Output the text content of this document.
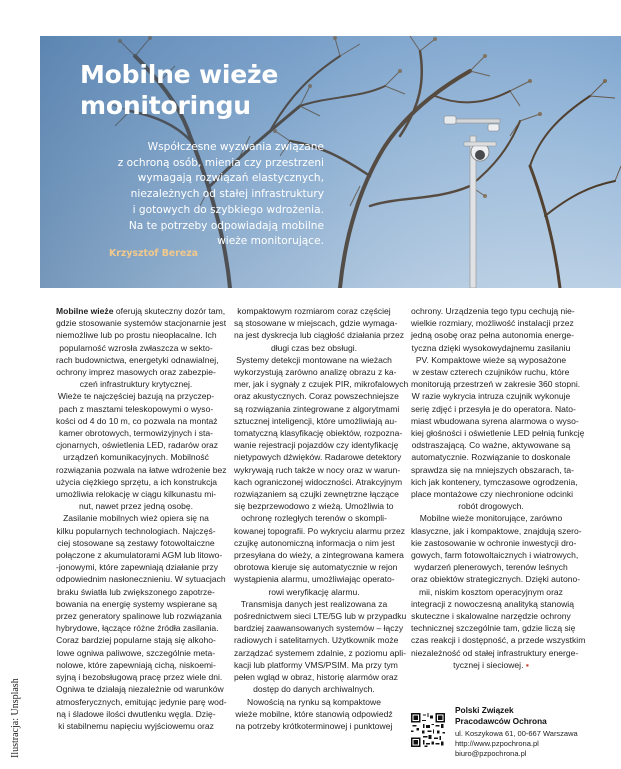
Mobilne wieże
monitoringu
Współczesne wyzwania związane
z ochroną osób, mienia czy przestrzeni
wymagają rozwiązań elastycznych,
niezależnych od stałej infrastruktury
i gotowych do szybkiego wdrożenia.
Na te potrzeby odpowiadają mobilne
wieże monitorujące.
Krzysztof Bereza
Ilustracja: Unsplash

Mobilne wieże oferują skuteczny dozór tam,
gdzie stosowanie systemów stacjonarnie jest
niemożliwe lub po prostu nieopłacalne. Ich
popularność wzrosła zwłaszcza w sekto-
rach budownictwa, energetyki odnawialnej,
ochrony imprez masowych oraz zabezpie-
czeń infrastruktury krytycznej.

Wieże te najczęściej bazują na przyczep-
pach z masztami teleskopowymi o wyso-
kości od 4 do 10 m, co pozwala na montaż
kamer obrotowych, termowizyjnych i sta-
cjonarnych, oświetlenia LED, radarów oraz
urządzeń komunikacyjnych. Mobilność
rozwiązania pozwala na łatwe wdrożenie bez
użycia ciężkiego sprzętu, a ich konstrukcja
umożliwia relokację w ciągu kilkunastu mi-
nut, nawet przez jedną osobę.

Zasilanie mobilnych wież opiera się na
kilku popularnych technologiach. Najczęś-
ciej stosowane są zestawy fotowoltaiczne
połączone z akumulatorami AGM lub litowo-
-jonowymi, które zapewniają działanie przy
odpowiednim nasłonecznieniu. W sytuacjach
braku światła lub zwiększonego zapotrze-
bowania na energię systemy wspierane są
przez generatory spalinowe lub rozwiązania
hybrydowe, łączące różne źródła zasilania.
Coraz bardziej popularne stają się alkoho-
lowe ogniwa paliwowe, szczególnie meta-
nolowe, które zapewniają cichą, niskoemi-
syjną i bezobsługową pracę przez wiele dni.
Ogniwa te działają niezależnie od warunków
atmosferycznych, emitując jedynie parę wod-
ną i śladowe ilości dwutlenku węgla. Dzię-
ki stabilnemu napięciu wyjściowemu oraz

kompaktowym rozmiarom coraz częściej
są stosowane w miejscach, gdzie wymaga-
na jest dyskrecja lub ciągłość działania przez
długi czas bez obsługi.

Systemy detekcji montowane na wieżach
wykorzystują zarówno analizę obrazu z ka-
mer, jak i sygnały z czujek PIR, mikrofalowych
oraz akustycznych. Coraz powszechniejsze
są rozwiązania zintegrowane z algorytmami
sztucznej inteligencji, które umożliwiają au-
tomatyczną klasyfikację obiektów, rozpozna-
wanie rejestracji pojazdów czy identyfikację
nietypowych dźwięków. Radarowe detektory
wykrywają ruch także w nocy oraz w warun-
kach ograniczonej widoczności. Atrakcyjnym
rozwiązaniem są czujki zewnętrzne łączące
się bezprzewodowo z wieżą. Umożliwia to
ochronę rozległych terenów o skompli-
kowanej topografii. Po wykryciu alarmu przez
czujkę autonomiczną informacja o nim jest
przesyłana do wieży, a zintegrowana kamera
obrotowa kieruje się automatycznie w rejon
wystąpienia alarmu, umożliwiając operato-
rowi weryfikację alarmu.

Transmisja danych jest realizowana za
pośrednictwem sieci LTE/5G lub w przypadku
bardziej zaawansowanych systemów – łączy
radiowych i satelitarnych. Użytkownik może
zarządzać systemem zdalnie, z poziomu apli-
kacji lub platformy VMS/PSIM. Ma przy tym
pełen wgląd w obraz, historię alarmów oraz
dostęp do danych archiwalnych.

Nowością na rynku są kompaktowe
wieże mobilne, które stanowią odpowiedź
na potrzeby krótkoterminowej i punktowej

ochrony. Urządzenia tego typu cechują nie-
wielkie rozmiary, możliwość instalacji przez
jedną osobę oraz pełna autonomia energe-
tyczna dzięki wysokowydajnemu zasilaniu
PV. Kompaktowe wieże są wyposażone
w zestaw czterech czujników ruchu, które
monitorują przestrzeń w zakresie 360 stopni.
W razie wykrycia intruza czujnik wykonuje
serię zdjęć i przesyła je do operatora. Nato-
miast wbudowana syrena alarmowa o wyso-
kiej głośności i oświetlenie LED pełnią funkcję
odstraszającą. Co ważne, aktywowane są
automatycznie. Rozwiązanie to doskonale
sprawdza się na mniejszych obszarach, ta-
kich jak kontenery, tymczasowe ogrodzenia,
place montażowe czy niechronione odcinki
robót drogowych.

Mobilne wieże monitorujące, zarówno
klasyczne, jak i kompaktowe, znajdują szero-
kie zastosowanie w ochronie inwestycji dro-
gowych, farm fotowoltaicznych i wiatrowych,
wydarzeń plenerowych, terenów leśnych
oraz obiektów strategicznych. Dzięki autono-
mii, niskim kosztom operacyjnym oraz
integracji z nowoczesną analityką stanowią
skuteczne i skalowalne narzędzie ochrony
technicznej szczególnie tam, gdzie liczą się
czas reakcji i dostępność, a przede wszystkim
niezależność od stałej infrastruktury energe-
tycznej i sieciowej. ▪

Polski Związek
Pracodawców Ochrona
ul. Koszykowa 61, 00-667 Warszawa
http://www.pzpochrona.pl
biuro@pzpochrona.pl
